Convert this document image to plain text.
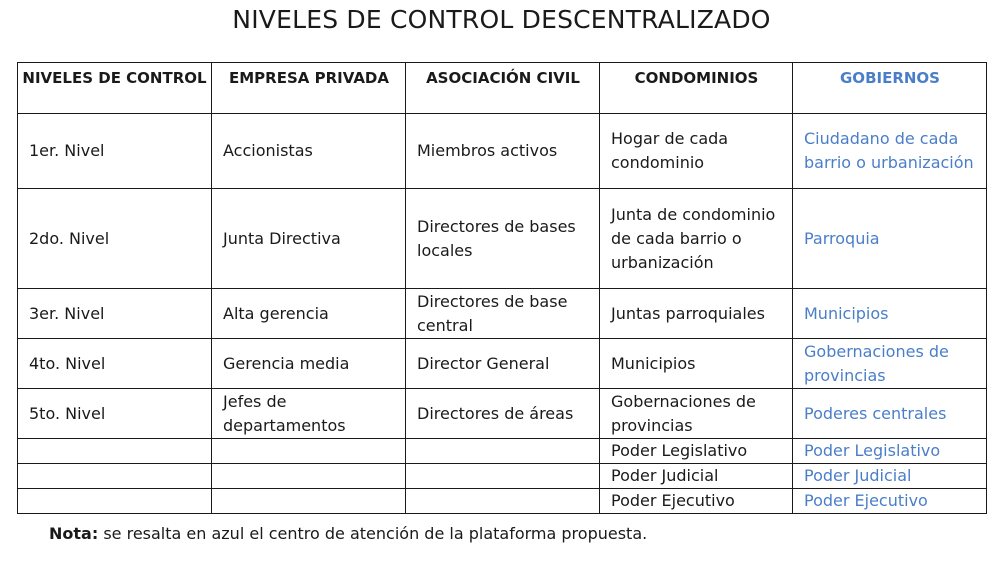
NIVELES DE CONTROL DESCENTRALIZADO
NIVELES DE CONTROL	EMPRESA PRIVADA	ASOCIACIÓN CIVIL	CONDOMINIOS	GOBIERNOS
1er. Nivel	Accionistas	Miembros activos	Hogar de cada condominio	Ciudadano de cada barrio o urbanización
2do. Nivel	Junta Directiva	Directores de bases locales	Junta de condominio de cada barrio o urbanización	Parroquia
3er. Nivel	Alta gerencia	Directores de base central	Juntas parroquiales	Municipios
4to. Nivel	Gerencia media	Director General	Municipios	Gobernaciones de provincias
5to. Nivel	Jefes de departamentos	Directores de áreas	Gobernaciones de provincias	Poderes centrales
			Poder Legislativo	Poder Legislativo
			Poder Judicial	Poder Judicial
			Poder Ejecutivo	Poder Ejecutivo
Nota: se resalta en azul el centro de atención de la plataforma propuesta.
